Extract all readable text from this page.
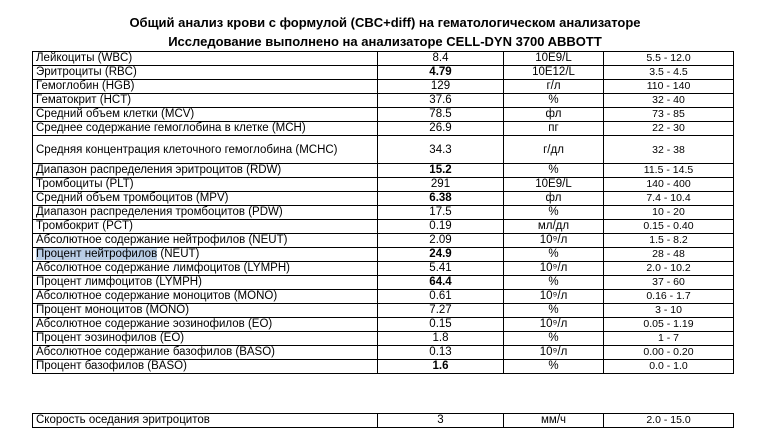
Общий анализ крови с формулой (CBC+diff) на гематологическом анализаторе
Исследование выполнено на анализаторе CELL-DYN 3700 ABBOTT
Лейкоциты (WBC)	8.4	10E9/L	5.5 - 12.0
Эритроциты (RBC)	4.79	10E12/L	3.5 - 4.5
Гемоглобин (HGB)	129	г/л	110 - 140
Гематокрит (HCT)	37.6	%	32 - 40
Средний объем клетки (MCV)	78.5	фл	73 - 85
Среднее содержание гемоглобина в клетке (MCH)	26.9	пг	22 - 30
Средняя концентрация клеточного гемоглобина (MCHC)	34.3	г/дл	32 - 38
Диапазон распределения эритроцитов (RDW)	15.2	%	11.5 - 14.5
Тромбоциты (PLT)	291	10E9/L	140 - 400
Средний объем тромбоцитов (MPV)	6.38	фл	7.4 - 10.4
Диапазон распределения тромбоцитов (PDW)	17.5	%	10 - 20
Тромбокрит (PCT)	0.19	мл/дл	0.15 - 0.40
Абсолютное содержание нейтрофилов (NEUT)	2.09	10⁹/л	1.5 - 8.2
Процент нейтрофилов (NEUT)	24.9	%	28 - 48
Абсолютное содержание лимфоцитов (LYMPH)	5.41	10⁹/л	2.0 - 10.2
Процент лимфоцитов (LYMPH)	64.4	%	37 - 60
Абсолютное содержание моноцитов (MONO)	0.61	10⁹/л	0.16 - 1.7
Процент моноцитов (MONO)	7.27	%	3 - 10
Абсолютное содержание эозинофилов (EO)	0.15	10⁹/л	0.05 - 1.19
Процент эозинофилов (EO)	1.8	%	1 - 7
Абсолютное содержание базофилов (BASO)	0.13	10⁹/л	0.00 - 0.20
Процент базофилов (BASO)	1.6	%	0.0 - 1.0
Скорость оседания эритроцитов	3	мм/ч	2.0 - 15.0
